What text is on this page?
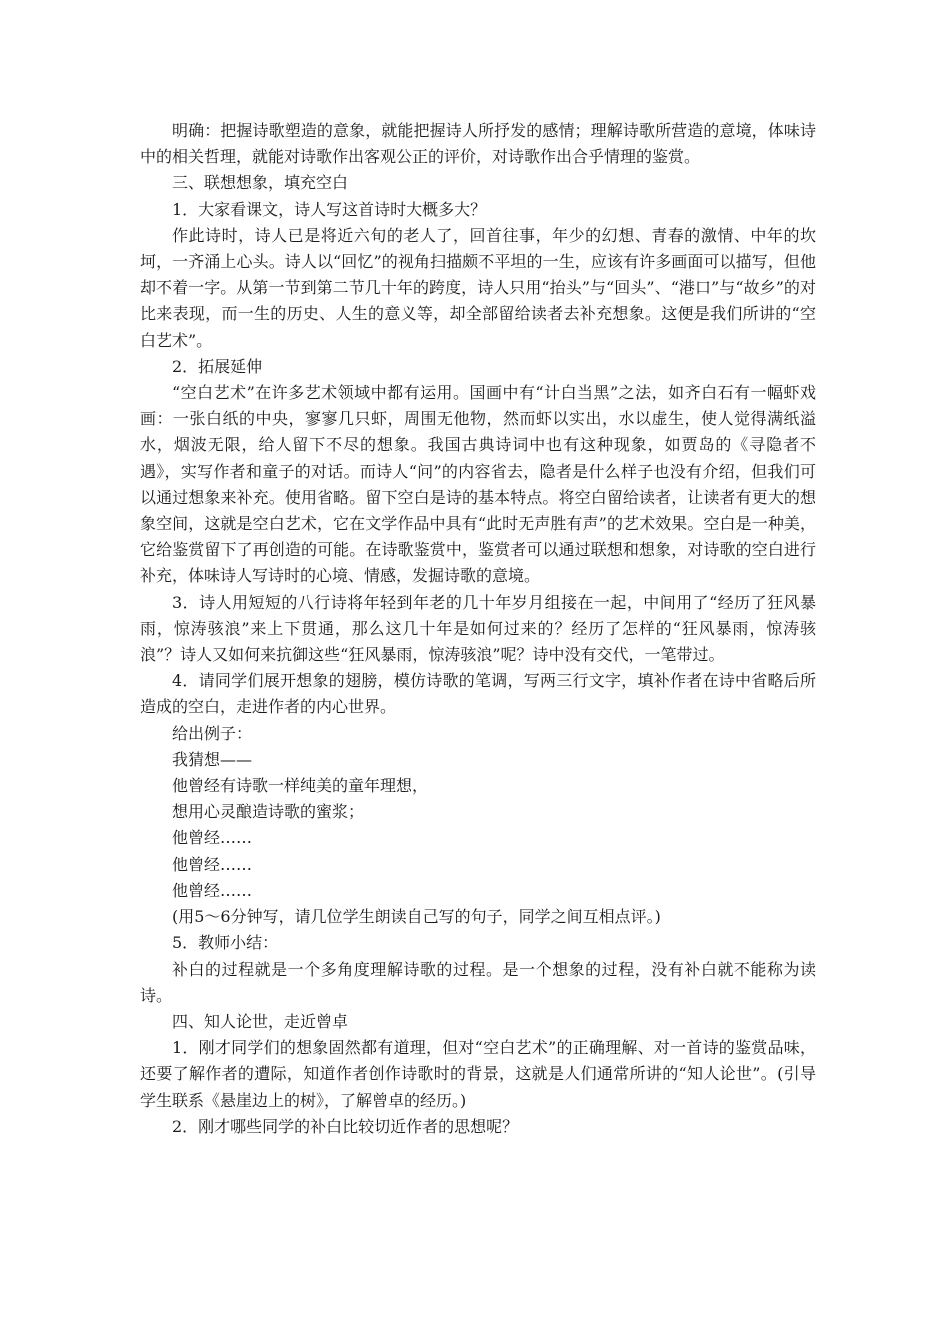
明确：把握诗歌塑造的意象，就能把握诗人所抒发的感情；理解诗歌所营造的意境，体味诗中的相关哲理，就能对诗歌作出客观公正的评价，对诗歌作出合乎情理的鉴赏。

三、联想想象，填充空白

1．大家看课文，诗人写这首诗时大概多大？

作此诗时，诗人已是将近六旬的老人了，回首往事，年少的幻想、青春的激情、中年的坎坷，一齐涌上心头。诗人以“回忆”的视角扫描颇不平坦的一生，应该有许多画面可以描写，但他却不着一字。从第一节到第二节几十年的跨度，诗人只用“抬头”与“回头”、“港口”与“故乡”的对比来表现，而一生的历史、人生的意义等，却全部留给读者去补充想象。这便是我们所讲的“空白艺术”。

2．拓展延伸

“空白艺术”在许多艺术领域中都有运用。国画中有“计白当黑”之法，如齐白石有一幅虾戏画：一张白纸的中央，寥寥几只虾，周围无他物，然而虾以实出，水以虚生，使人觉得满纸溢水，烟波无限，给人留下不尽的想象。我国古典诗词中也有这种现象，如贾岛的《寻隐者不遇》，实写作者和童子的对话。而诗人“问”的内容省去，隐者是什么样子也没有介绍，但我们可以通过想象来补充。使用省略。留下空白是诗的基本特点。将空白留给读者，让读者有更大的想象空间，这就是空白艺术，它在文学作品中具有“此时无声胜有声”的艺术效果。空白是一种美，它给鉴赏留下了再创造的可能。在诗歌鉴赏中，鉴赏者可以通过联想和想象，对诗歌的空白进行补充，体味诗人写诗时的心境、情感，发掘诗歌的意境。

3．诗人用短短的八行诗将年轻到年老的几十年岁月组接在一起，中间用了“经历了狂风暴雨，惊涛骇浪”来上下贯通，那么这几十年是如何过来的？经历了怎样的“狂风暴雨，惊涛骇浪”？诗人又如何来抗御这些“狂风暴雨，惊涛骇浪”呢？诗中没有交代，一笔带过。

4．请同学们展开想象的翅膀，模仿诗歌的笔调，写两三行文字，填补作者在诗中省略后所造成的空白，走进作者的内心世界。

给出例子：

我猜想——

他曾经有诗歌一样纯美的童年理想，

想用心灵酿造诗歌的蜜浆；

他曾经……

他曾经……

他曾经……

(用5～6分钟写，请几位学生朗读自己写的句子，同学之间互相点评。)

5．教师小结：

补白的过程就是一个多角度理解诗歌的过程。是一个想象的过程，没有补白就不能称为读诗。

四、知人论世，走近曾卓

1．刚才同学们的想象固然都有道理，但对“空白艺术”的正确理解、对一首诗的鉴赏品味，还要了解作者的遭际，知道作者创作诗歌时的背景，这就是人们通常所讲的“知人论世”。(引导学生联系《悬崖边上的树》，了解曾卓的经历。)

2．刚才哪些同学的补白比较切近作者的思想呢？
